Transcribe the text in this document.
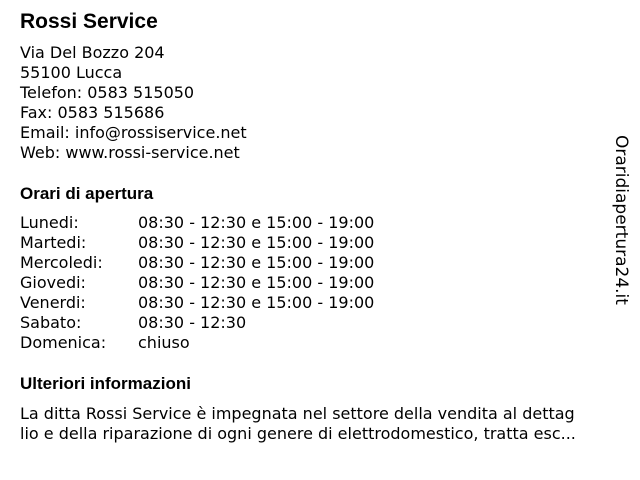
Rossi Service
Via Del Bozzo 204
55100 Lucca
Telefon: 0583 515050
Fax: 0583 515686
Email: info@rossiservice.net
Web: www.rossi-service.net
Orari di apertura
Lunedi:	08:30 - 12:30 e 15:00 - 19:00
Martedi:	08:30 - 12:30 e 15:00 - 19:00
Mercoledi: 08:30 - 12:30 e 15:00 - 19:00
Giovedi:	08:30 - 12:30 e 15:00 - 19:00
Venerdi:	08:30 - 12:30 e 15:00 - 19:00
Sabato:	08:30 - 12:30
Domenica: chiuso
Ulteriori informazioni
La ditta Rossi Service è impegnata nel settore della vendita al dettag
lio e della riparazione di ogni genere di elettrodomestico, tratta esc...
Oraridiapertura24.it
